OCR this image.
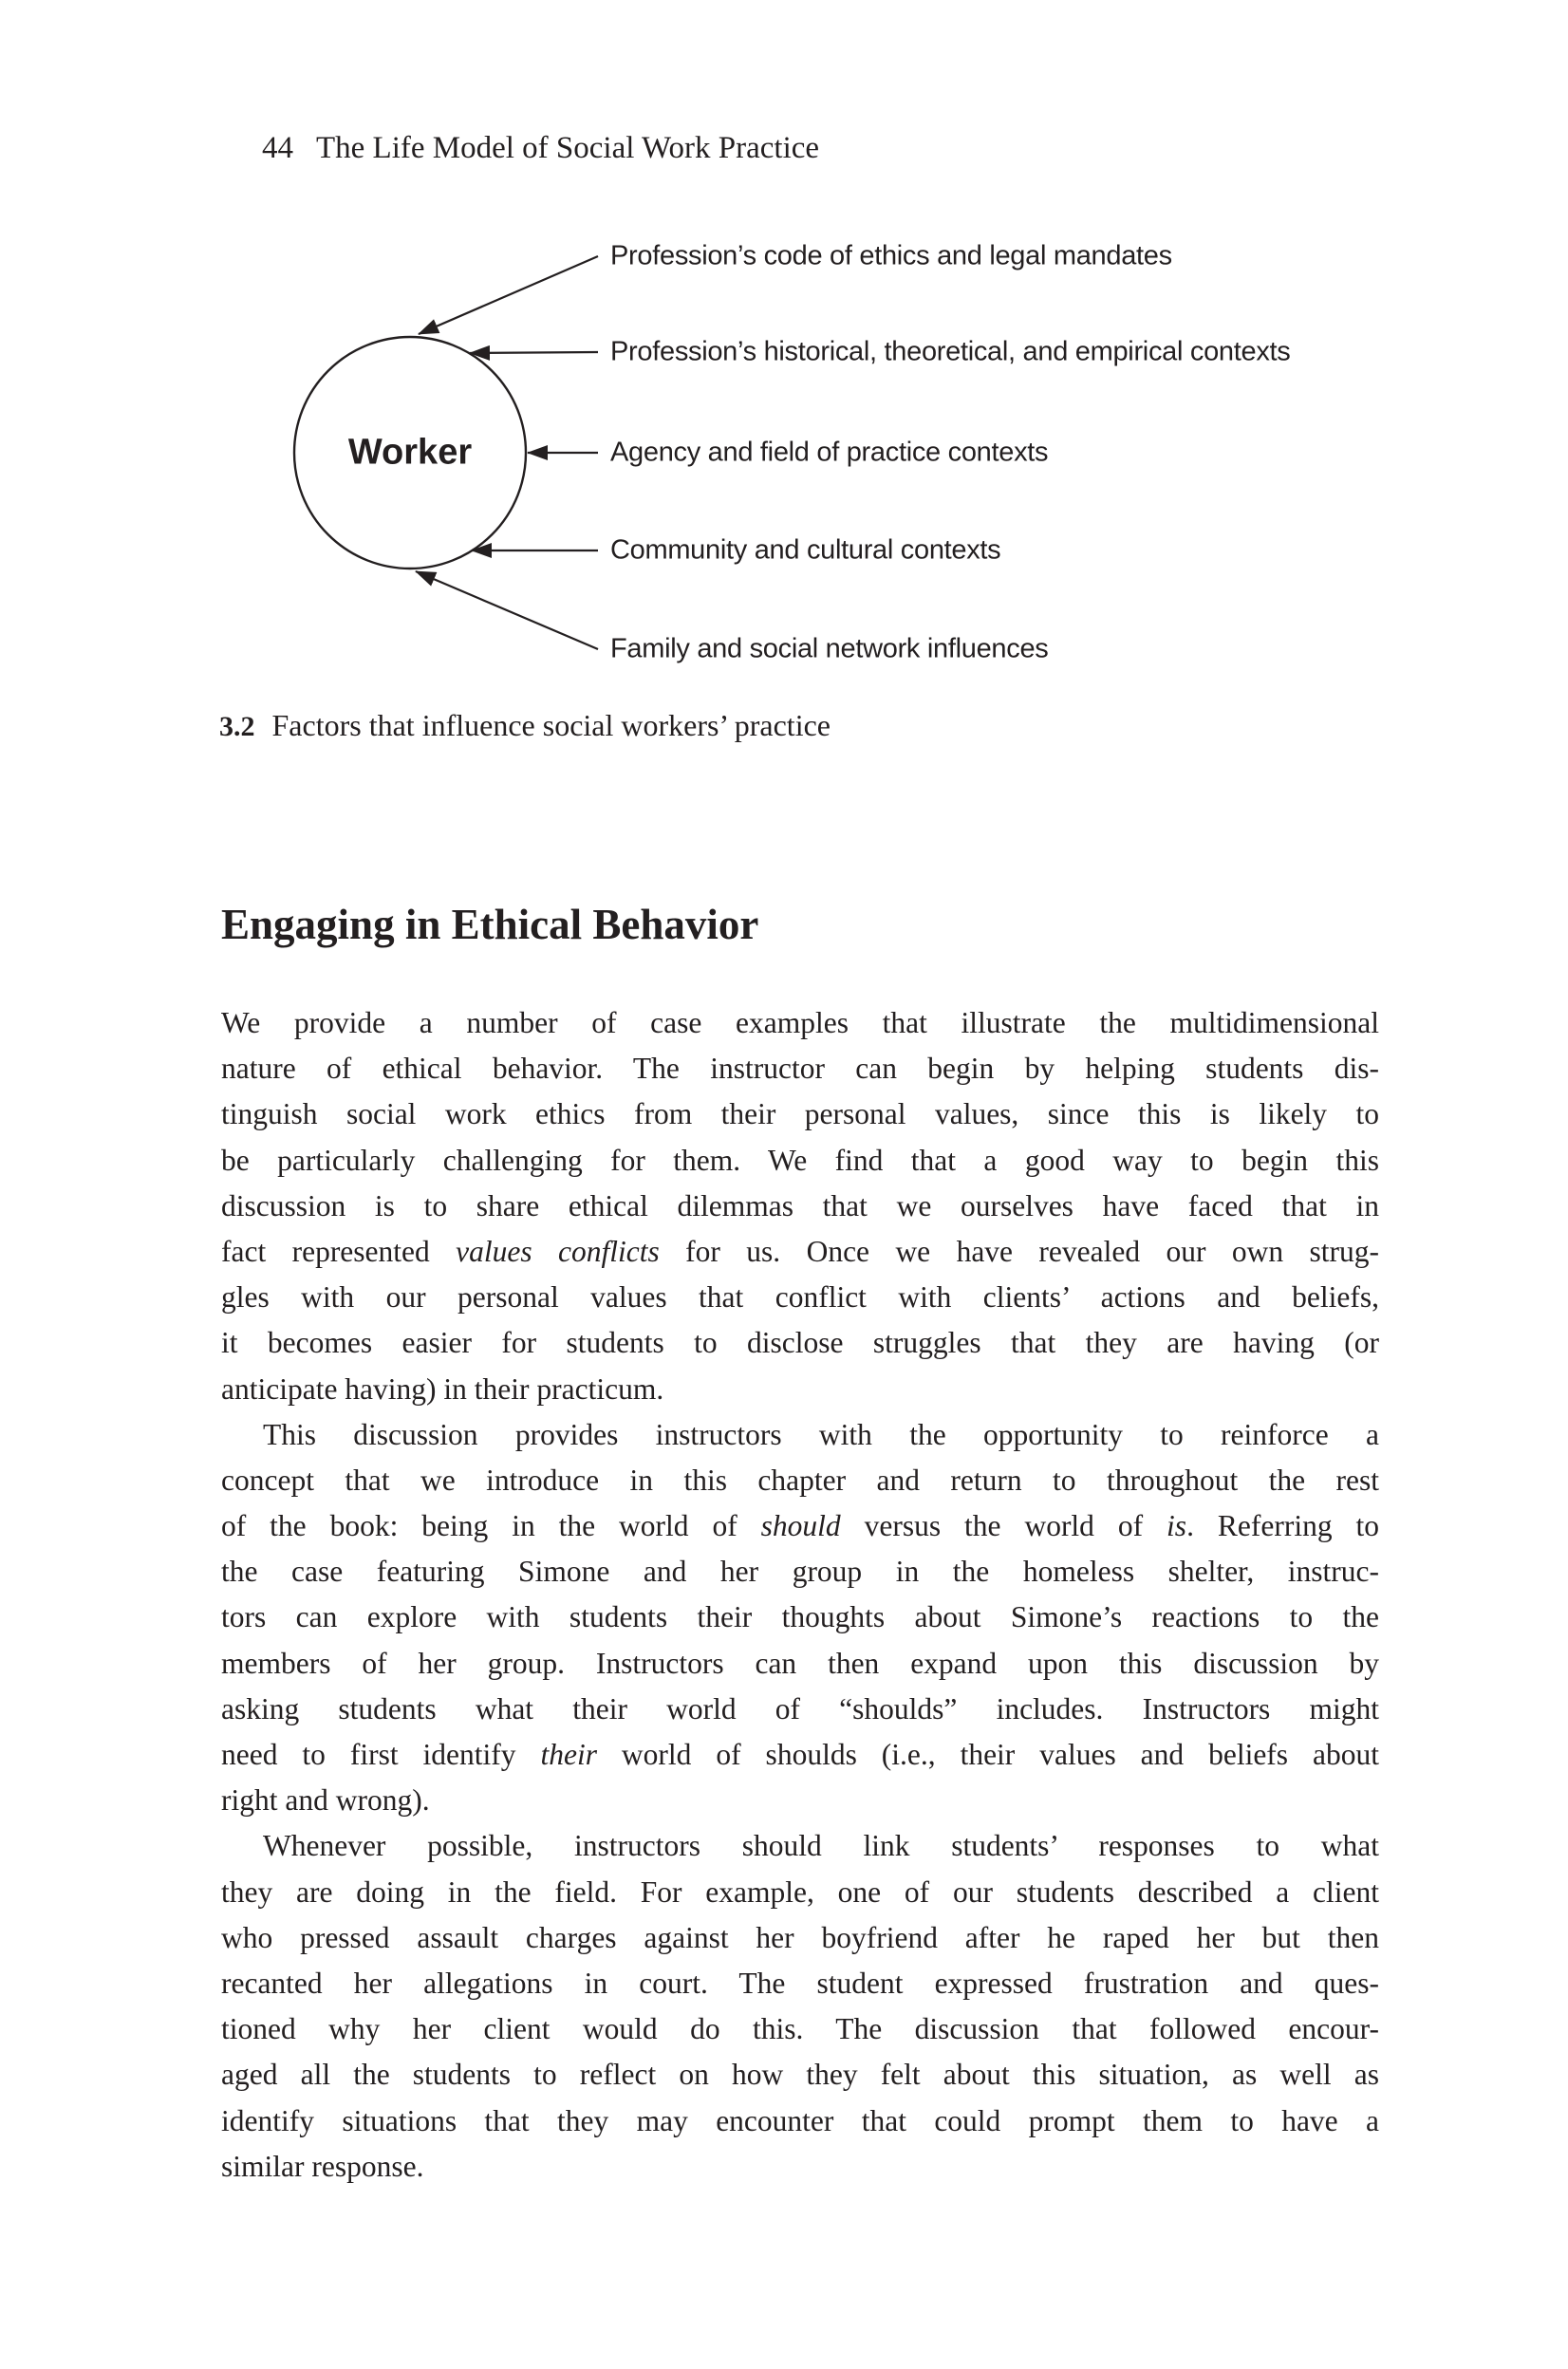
44 The Life Model of Social Work Practice
Worker
Profession’s code of ethics and legal mandates
Profession’s historical, theoretical, and empirical contexts
Agency and field of practice contexts
Community and cultural contexts
Family and social network influences
3.2 Factors that influence social workers’ practice
Engaging in Ethical Behavior
We provide a number of case examples that illustrate the multidimensional
nature of ethical behavior. The instructor can begin by helping students dis-
tinguish social work ethics from their personal values, since this is likely to
be particularly challenging for them. We find that a good way to begin this
discussion is to share ethical dilemmas that we ourselves have faced that in
fact represented values conflicts for us. Once we have revealed our own strug-
gles with our personal values that conflict with clients’ actions and beliefs,
it becomes easier for students to disclose struggles that they are having (or
anticipate having) in their practicum.
This discussion provides instructors with the opportunity to reinforce a
concept that we introduce in this chapter and return to throughout the rest
of the book: being in the world of should versus the world of is. Referring to
the case featuring Simone and her group in the homeless shelter, instruc-
tors can explore with students their thoughts about Simone’s reactions to the
members of her group. Instructors can then expand upon this discussion by
asking students what their world of “shoulds” includes. Instructors might
need to first identify their world of shoulds (i.e., their values and beliefs about
right and wrong).
Whenever possible, instructors should link students’ responses to what
they are doing in the field. For example, one of our students described a client
who pressed assault charges against her boyfriend after he raped her but then
recanted her allegations in court. The student expressed frustration and ques-
tioned why her client would do this. The discussion that followed encour-
aged all the students to reflect on how they felt about this situation, as well as
identify situations that they may encounter that could prompt them to have a
similar response.
